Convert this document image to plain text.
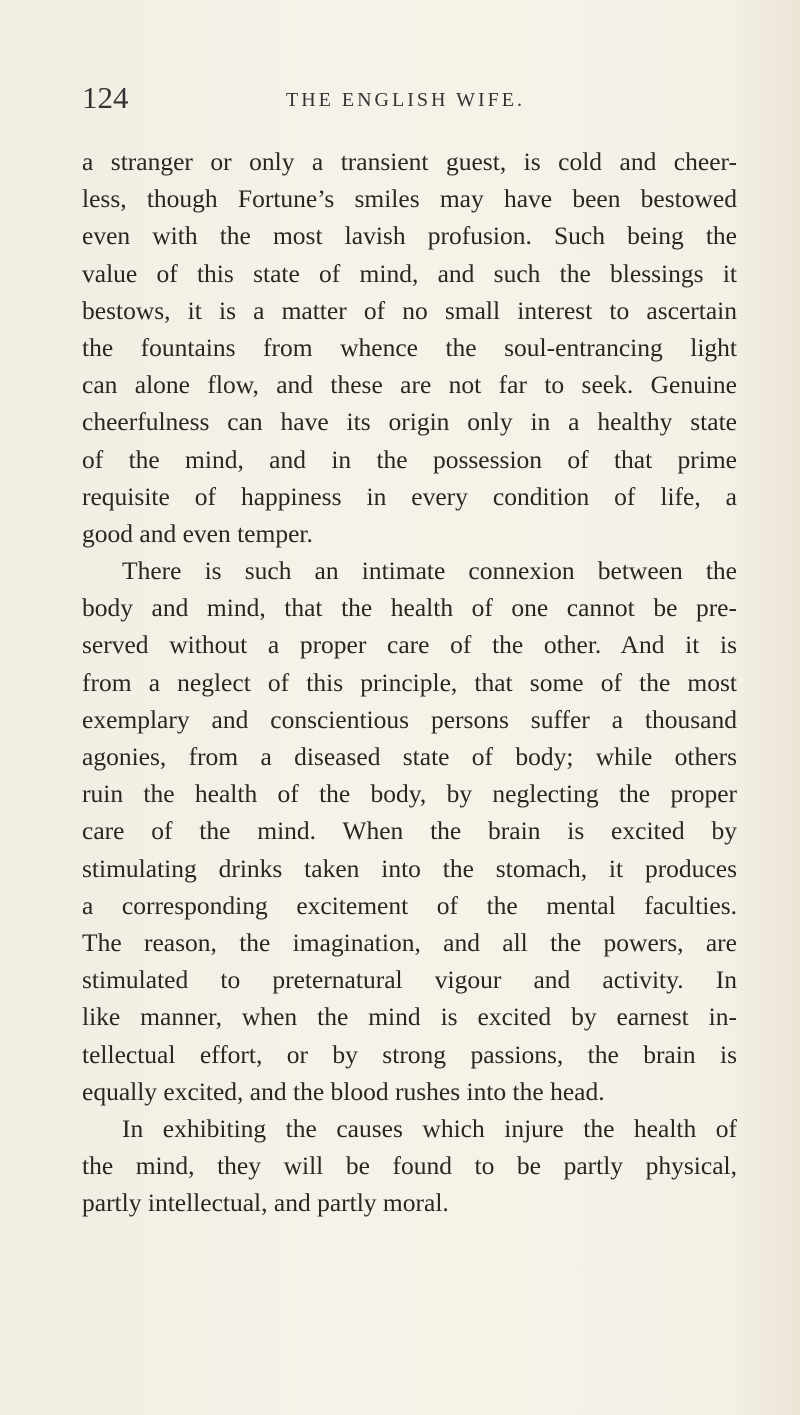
124	THE ENGLISH WIFE.
a stranger or only a transient guest, is cold and cheer-
less, though Fortune’s smiles may have been bestowed
even with the most lavish profusion. Such being the
value of this state of mind, and such the blessings it
bestows, it is a matter of no small interest to ascertain
the fountains from whence the soul-entrancing light
can alone flow, and these are not far to seek. Genuine
cheerfulness can have its origin only in a healthy state
of the mind, and in the possession of that prime
requisite of happiness in every condition of life, a
good and even temper.
There is such an intimate connexion between the
body and mind, that the health of one cannot be pre-
served without a proper care of the other. And it is
from a neglect of this principle, that some of the most
exemplary and conscientious persons suffer a thousand
agonies, from a diseased state of body; while others
ruin the health of the body, by neglecting the proper
care of the mind. When the brain is excited by
stimulating drinks taken into the stomach, it produces
a corresponding excitement of the mental faculties.
The reason, the imagination, and all the powers, are
stimulated to preternatural vigour and activity. In
like manner, when the mind is excited by earnest in-
tellectual effort, or by strong passions, the brain is
equally excited, and the blood rushes into the head.
In exhibiting the causes which injure the health of
the mind, they will be found to be partly physical,
partly intellectual, and partly moral.
